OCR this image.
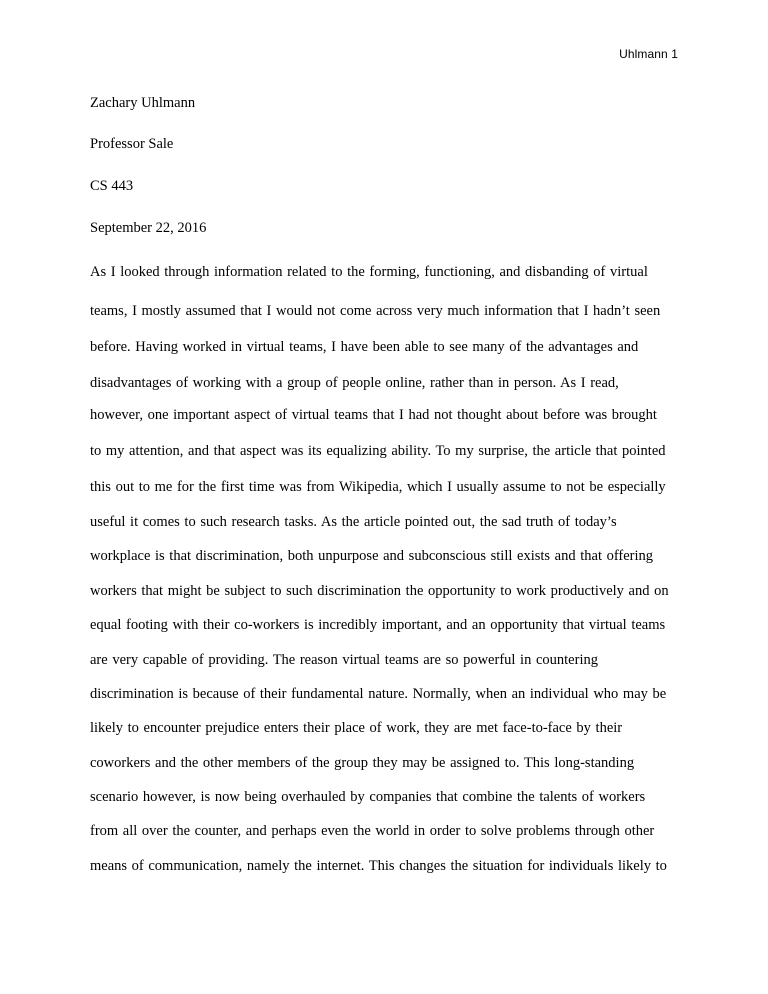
Uhlmann 1
Zachary Uhlmann
Professor Sale
CS 443
September 22, 2016
As I looked through information related to the forming, functioning, and disbanding of virtual
teams, I mostly assumed that I would not come across very much information that I hadn’t seen
before. Having worked in virtual teams, I have been able to see many of the advantages and
disadvantages of working with a group of people online, rather than in person. As I read,
however, one important aspect of virtual teams that I had not thought about before was brought
to my attention, and that aspect was its equalizing ability. To my surprise, the article that pointed
this out to me for the first time was from Wikipedia, which I usually assume to not be especially
useful it comes to such research tasks. As the article pointed out, the sad truth of today’s
workplace is that discrimination, both unpurpose and subconscious still exists and that offering
workers that might be subject to such discrimination the opportunity to work productively and on
equal footing with their co-workers is incredibly important, and an opportunity that virtual teams
are very capable of providing. The reason virtual teams are so powerful in countering
discrimination is because of their fundamental nature. Normally, when an individual who may be
likely to encounter prejudice enters their place of work, they are met face-to-face by their
coworkers and the other members of the group they may be assigned to. This long-standing
scenario however, is now being overhauled by companies that combine the talents of workers
from all over the counter, and perhaps even the world in order to solve problems through other
means of communication, namely the internet. This changes the situation for individuals likely to
